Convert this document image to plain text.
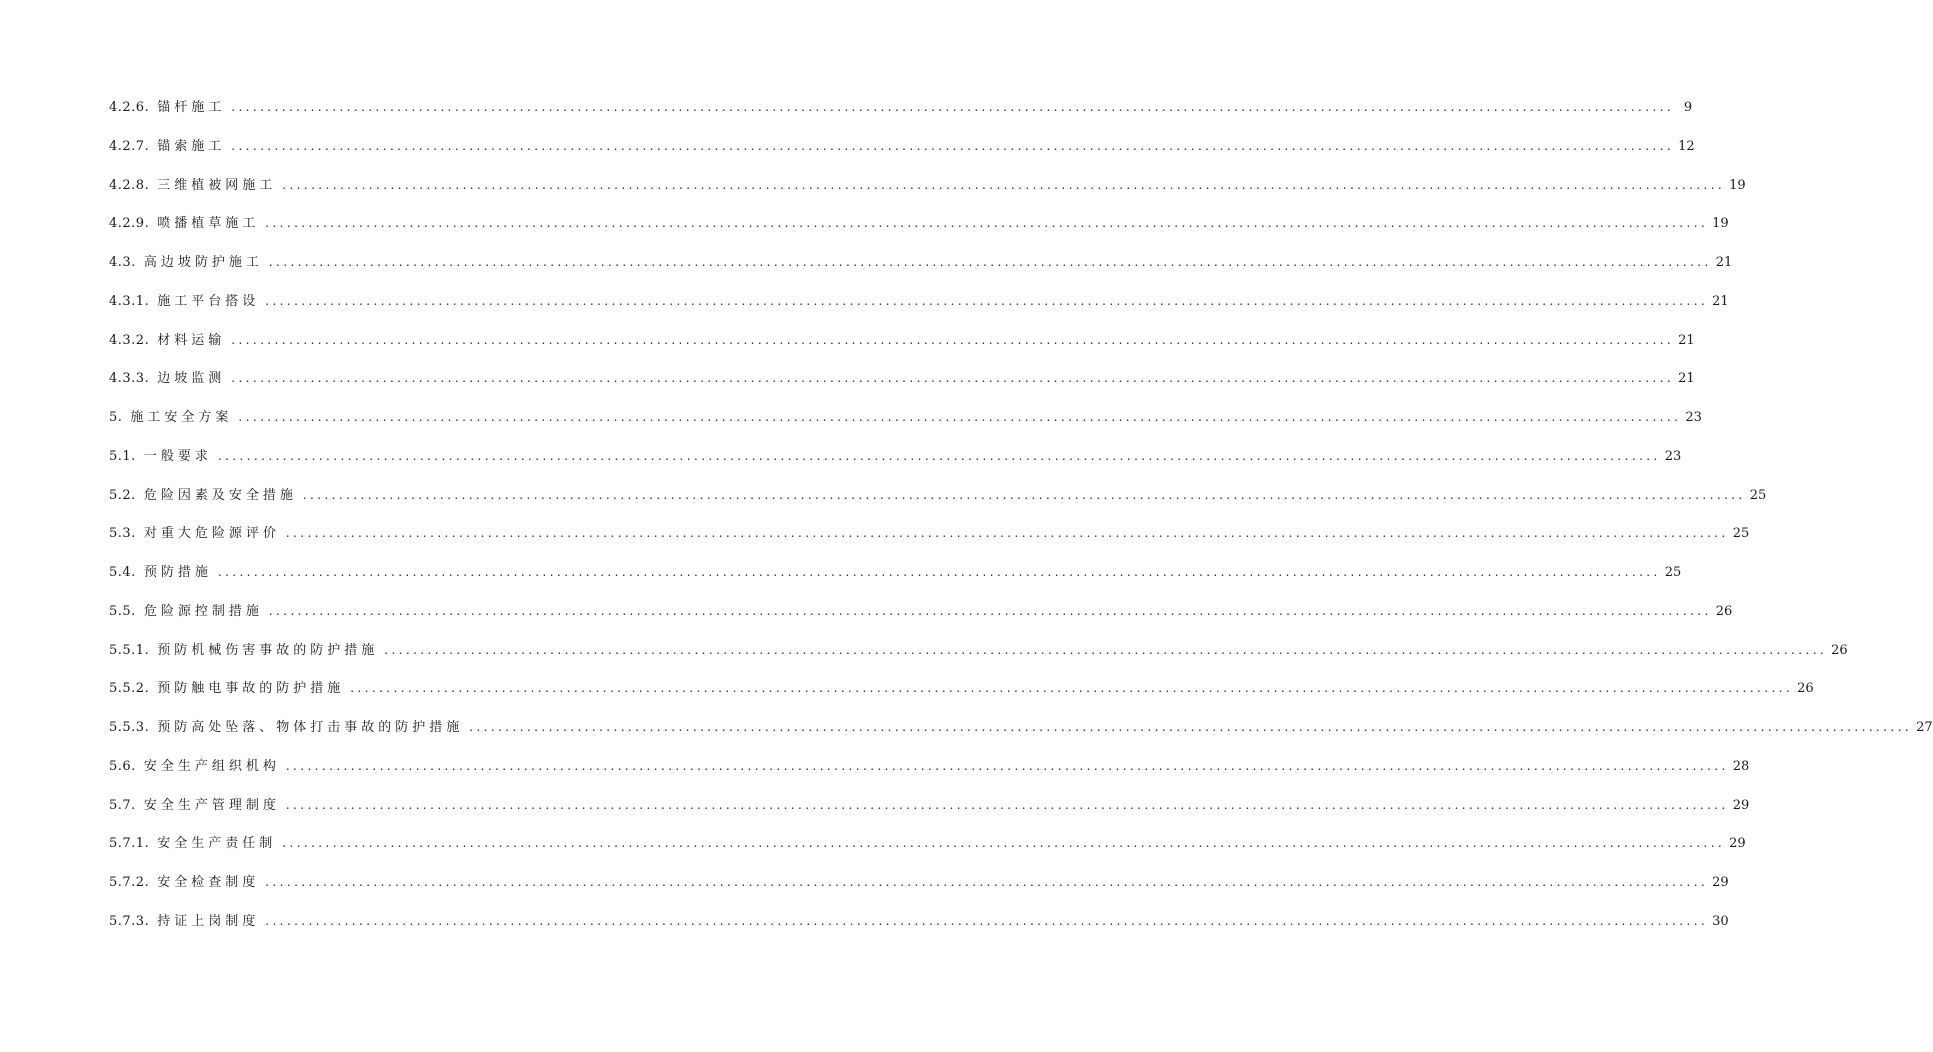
4.2.6. 锚杆施工 ........................................................................................................................................................................................................ 9
4.2.7. 锚索施工 ........................................................................................................................................................................................................ 12
4.2.8. 三维植被网施工 ........................................................................................................................................................................................................ 19
4.2.9. 喷播植草施工 ........................................................................................................................................................................................................ 19
4.3. 高边坡防护施工 ........................................................................................................................................................................................................ 21
4.3.1. 施工平台搭设 ........................................................................................................................................................................................................ 21
4.3.2. 材料运输 ........................................................................................................................................................................................................ 21
4.3.3. 边坡监测 ........................................................................................................................................................................................................ 21
5. 施工安全方案 ........................................................................................................................................................................................................ 23
5.1. 一般要求 ........................................................................................................................................................................................................ 23
5.2. 危险因素及安全措施 ........................................................................................................................................................................................................ 25
5.3. 对重大危险源评价 ........................................................................................................................................................................................................ 25
5.4. 预防措施 ........................................................................................................................................................................................................ 25
5.5. 危险源控制措施 ........................................................................................................................................................................................................ 26
5.5.1. 预防机械伤害事故的防护措施 ........................................................................................................................................................................................................ 26
5.5.2. 预防触电事故的防护措施 ........................................................................................................................................................................................................ 26
5.5.3. 预防高处坠落、物体打击事故的防护措施 ........................................................................................................................................................................................................ 27
5.6. 安全生产组织机构 ........................................................................................................................................................................................................ 28
5.7. 安全生产管理制度 ........................................................................................................................................................................................................ 29
5.7.1. 安全生产责任制 ........................................................................................................................................................................................................ 29
5.7.2. 安全检查制度 ........................................................................................................................................................................................................ 29
5.7.3. 持证上岗制度 ........................................................................................................................................................................................................ 30
